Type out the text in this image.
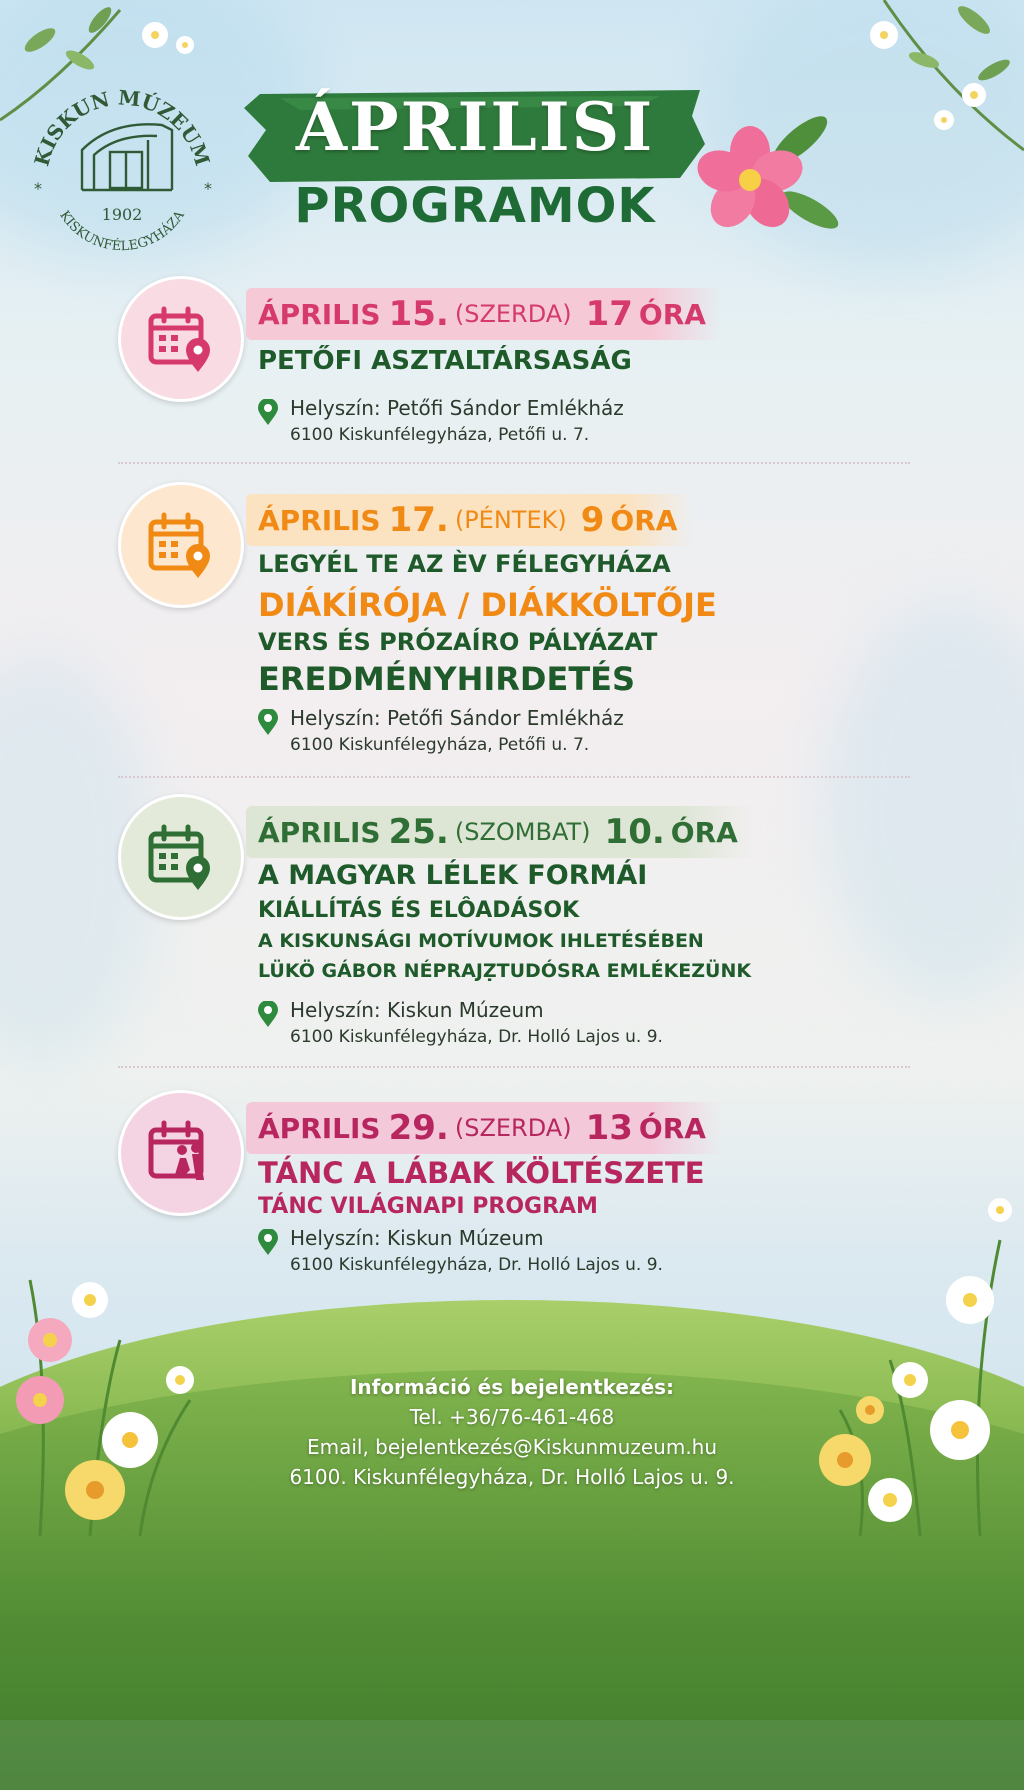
KISKUN MÚZEUM
KISKUNFÉLEGYHÁZA
*	*
1902
ÁPRILISI
PROGRAMOK
ÁPRILIS 15. (SZERDA) 17 ÓRA
PETŐFI ASZTALTÁRSASÁG
Helyszín: Petőfi Sándor Emlékház
6100 Kiskunfélegyháza, Petőfi u. 7.
ÁPRILIS 17. (PÉNTEK) 9 ÓRA
LEGYÉL TE AZ ÈV FÉLEGYHÁZA
DIÁKÍRÓJA / DIÁKKÖLTŐJE
VERS ÉS PRÓZAÍRO PÁLYÁZAT
EREDMÉNYHIRDETÉS
Helyszín: Petőfi Sándor Emlékház
6100 Kiskunfélegyháza, Petőfi u. 7.
ÁPRILIS 25. (SZOMBAT) 10. ÓRA
A MAGYAR LÉLEK FORMÁI
KIÁLLÍTÁS ÉS ELÔADÁSOK
A KISKUNSÁGI MOTÍVUMOK IHLETÉSÉBEN
LÜKÖ GÁBOR NÉPRAJẒTUDÓSRA EMLÉKEZÜNK
Helyszín: Kiskun Múzeum
6100 Kiskunfélegyháza, Dr. Holló Lajos u. 9.
ÁPRILIS 29. (SZERDA) 13 ÓRA
TÁNC A LÁBAK KÖLTÉSZETE
TÁNC VILÁGNAPI PROGRAM
Helyszín: Kiskun Múzeum
6100 Kiskunfélegyháza, Dr. Holló Lajos u. 9.
Információ és bejelentkezés:
Tel. +36/76-461-468
Email, bejelentkezés@Kiskunmuzeum.hu
6100. Kiskunfélegyháza, Dr. Holló Lajos u. 9.
